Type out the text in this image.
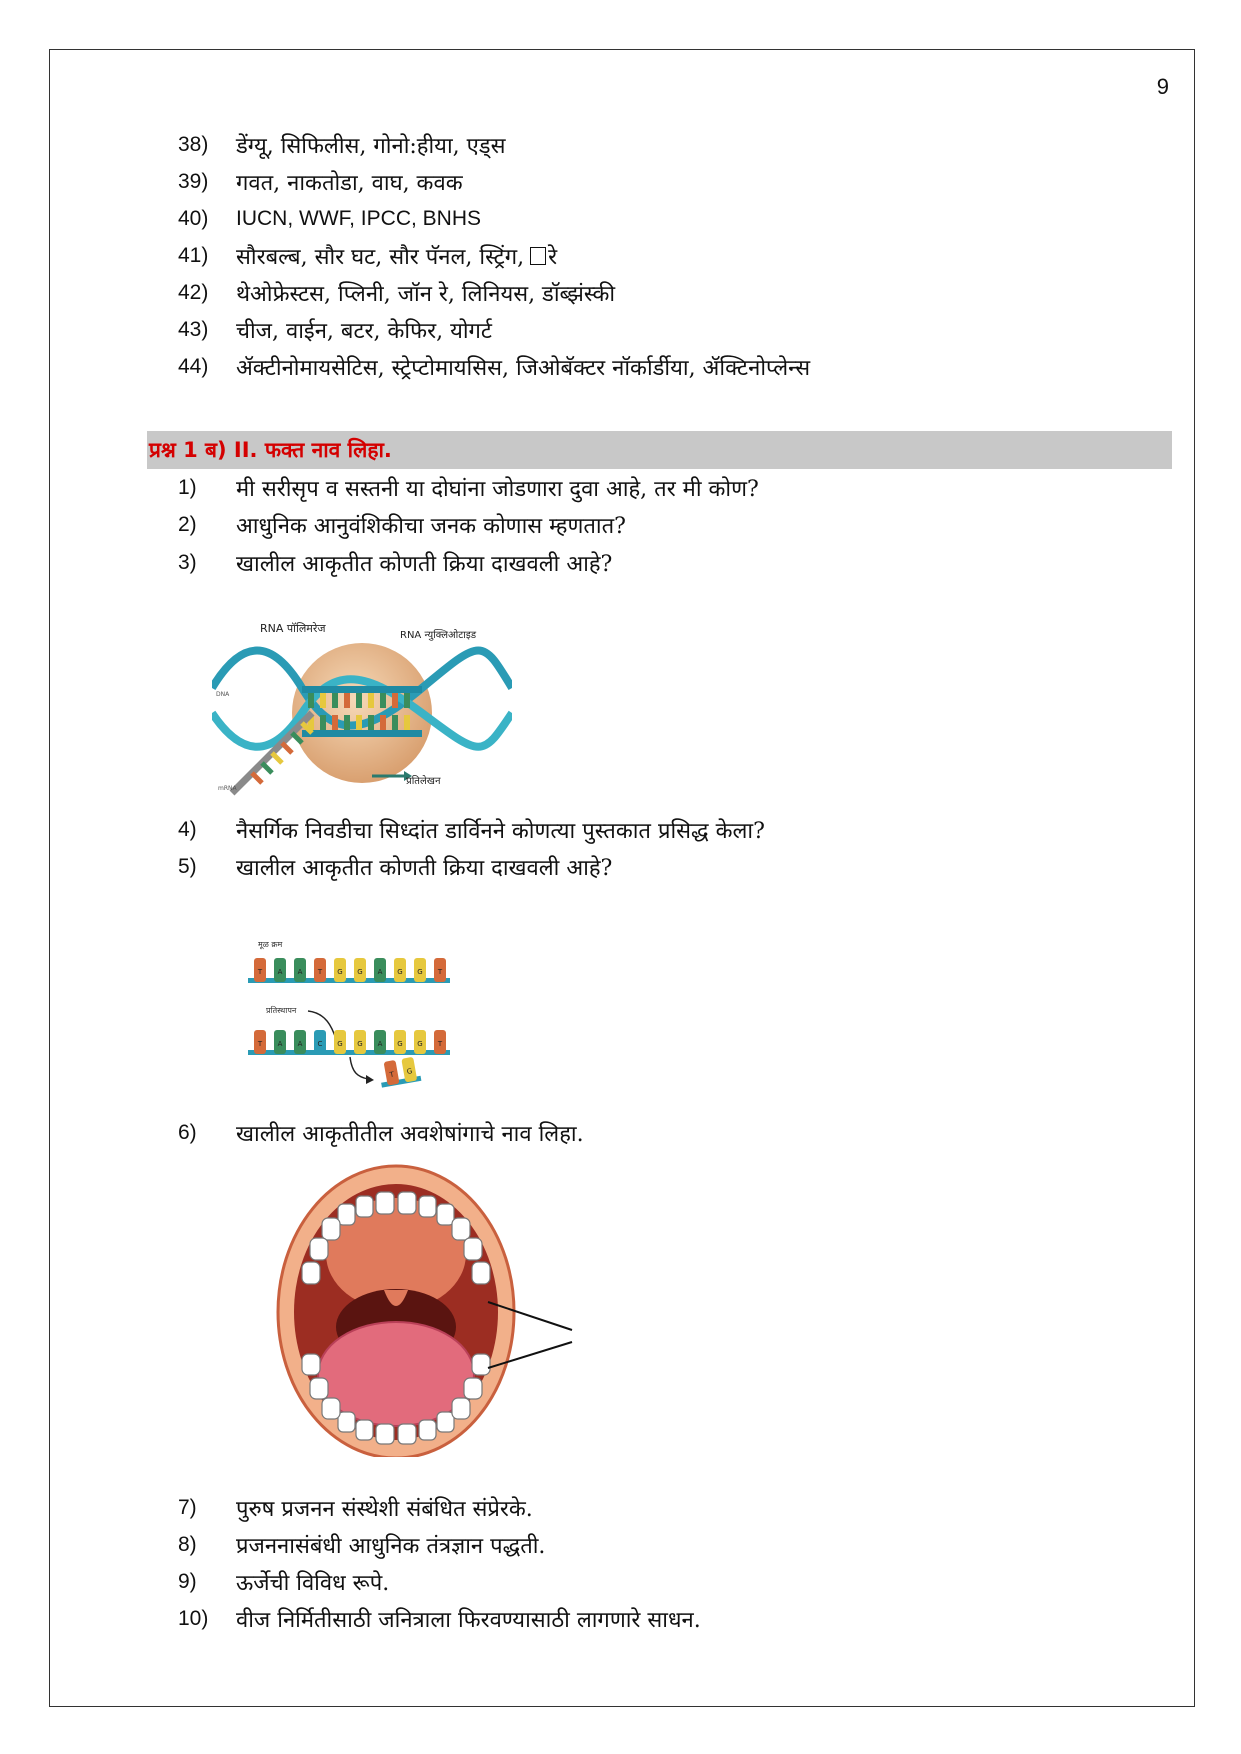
9
38)	डेंग्यू, सिफिलीस, गोनो:हीया, एड्स
39)	गवत, नाकतोडा, वाघ, कवक
40)	IUCN, WWF, IPCC, BNHS
41)	सौरबल्ब, सौर घट, सौर पॅनल, स्ट्रिंग, रे
42)	थेओफ्रेस्टस, प्लिनी, जॉन रे, लिनियस, डॉब्झंस्की
43)	चीज, वाईन, बटर, केफिर, योगर्ट
44)	ॲक्टीनोमायसेटिस, स्ट्रेप्टोमायसिस, जिओबॅक्टर नॉर्कार्डीया, ॲक्टिनोप्लेन्स
प्रश्न 1 ब) II. फक्त नाव लिहा.
1)	मी सरीसृप व सस्तनी या दोघांना जोडणारा दुवा आहे, तर मी कोण?
2)	आधुनिक आनुवंशिकीचा जनक कोणास म्हणतात?
3)	खालील आकृतीत कोणती क्रिया दाखवली आहे?
DNA
mRNA
RNA पॉलिमरेज
RNA न्युक्लिओटाइड
प्रतिलेखन
4)	नैसर्गिक निवडीचा सिध्दांत डार्विनने कोणत्या पुस्तकात प्रसिद्ध केला?
5)	खालील आकृतीत कोणती क्रिया दाखवली आहे?
मूळ क्रम
T A A T G G A G G T
प्रतिस्थापन
T A A C G G A G G T
T G
6)	खालील आकृतीतील अवशेषांगाचे नाव लिहा.
7)	पुरुष प्रजनन संस्थेशी संबंधित संप्रेरके.
8)	प्रजननासंबंधी आधुनिक तंत्रज्ञान पद्धती.
9)	ऊर्जेची विविध रूपे.
10)	वीज निर्मितीसाठी जनित्राला फिरवण्यासाठी लागणारे साधन.
